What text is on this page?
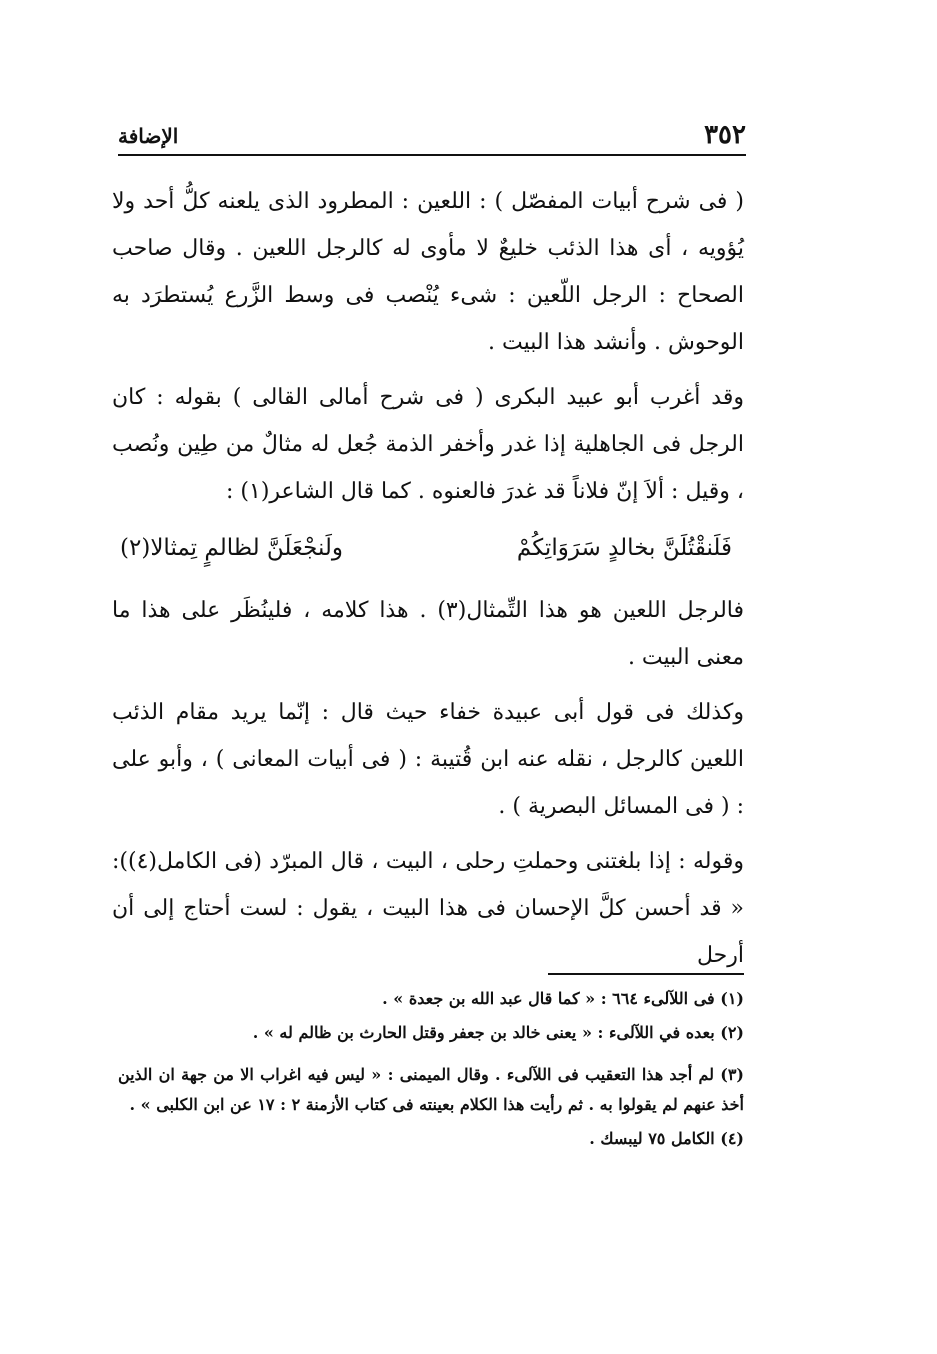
٣٥٢
الإضافة

( فى شرح أبيات المفصّل ) : اللعين : المطرود الذى يلعنه كلُّ أحد ولا يُؤويه ، أى هذا الذئب خليعٌ لا مأوى له كالرجل اللعين . وقال صاحب الصحاح : الرجل اللّعين : شىء يُنْصب فى وسط الزَّرع يُستطرَد به الوحوش . وأنشد هذا البيت .

وقد أغرب أبو عبيد البكرى ( فى شرح أمالى القالى ) بقوله : كان الرجل فى الجاهلية إذا غدر وأخفر الذمة جُعل له مثالٌ من طِين ونُصب ، وقيل : ألاَ إنّ فلاناً قد غدرَ فالعنوه . كما قال الشاعر(١) :

فَلَنقْتُلَنَّ بخالدٍ سَرَوَاتِكُمْ
ولَنجْعَلَنَّ لظالمٍ تِمثالا(٢)

فالرجل اللعين هو هذا التِّمثال(٣) . هذا كلامه ، فلينُظَر على هذا ما معنى البيت .

وكذلك فى قول أبى عبيدة خفاء حيث قال : إنّما يريد مقام الذئب اللعين كالرجل ، نقله عنه ابن قُتيبة : ( فى أبيات المعانى ) ، وأبو على : ( فى المسائل البصرية ) .

وقوله : إذا بلغتنى وحملتِ رحلى ، البيت ، قال المبرّد (فى الكامل(٤)): « قد أحسن كلَّ الإحسان فى هذا البيت ، يقول : لست أحتاج إلى أن أرحل

(١) فى اللآلىء ٦٦٤ : « كما قال عبد الله بن جعدة » .

(٢) بعده في اللآلىء : « يعنى خالد بن جعفر وقتل الحارث بن ظالم له » .

(٣) لم أجد هذا التعقيب فى اللآلىء . وقال الميمنى : « ليس فيه اغراب الا من جهة ان الذين أخذ عنهم لم يقولوا به . ثم رأيت هذا الكلام بعينته فى كتاب الأزمنة ٢ : ١٧ عن ابن الكلبى » .

(٤) الكامل ٧٥ ليبسك .
